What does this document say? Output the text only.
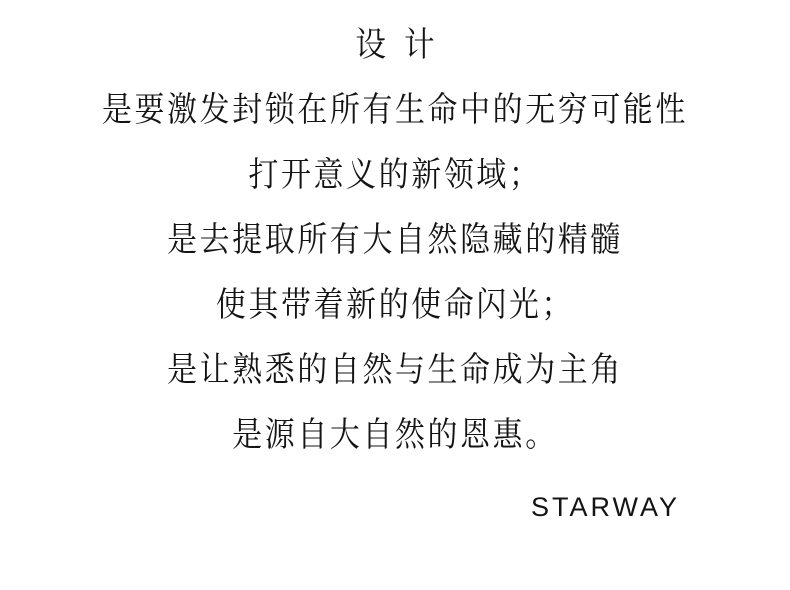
设计
是要激发封锁在所有生命中的无穷可能性
打开意义的新领域；
是去提取所有大自然隐藏的精髓
使其带着新的使命闪光；
是让熟悉的自然与生命成为主角
是源自大自然的恩惠。
STARWAY
